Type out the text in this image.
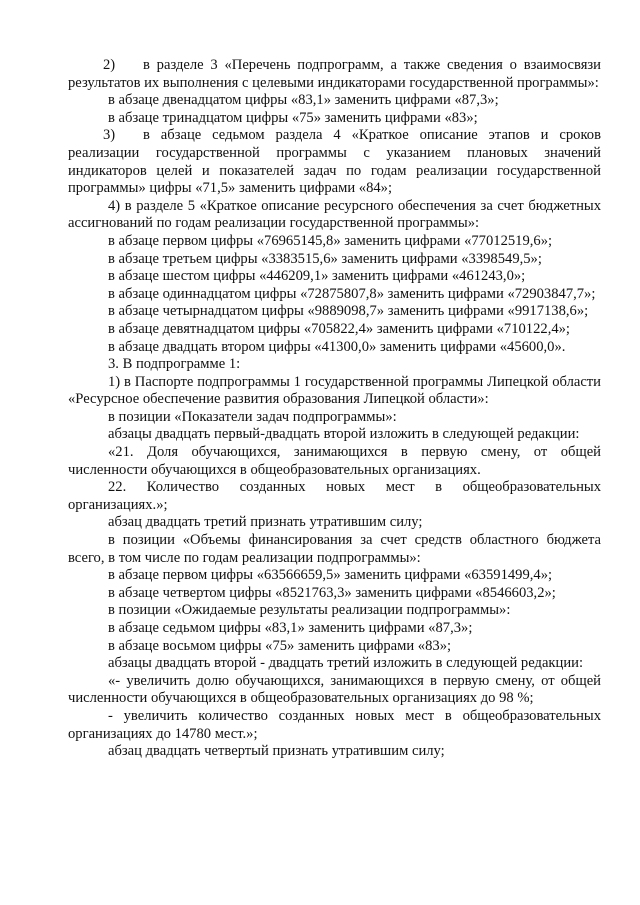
2) в разделе 3 «Перечень подпрограмм, а также сведения о взаимосвязи результатов их выполнения с целевыми индикаторами государственной программы»:

в абзаце двенадцатом цифры «83,1» заменить цифрами «87,3»;

в абзаце тринадцатом цифры «75» заменить цифрами «83»;

3) в абзаце седьмом раздела 4 «Краткое описание этапов и сроков реализации государственной программы с указанием плановых значений индикаторов целей и показателей задач по годам реализации государственной программы» цифры «71,5» заменить цифрами «84»;

4) в разделе 5 «Краткое описание ресурсного обеспечения за счет бюджетных ассигнований по годам реализации государственной программы»:

в абзаце первом цифры «76965145,8» заменить цифрами «77012519,6»;

в абзаце третьем цифры «3383515,6» заменить цифрами «3398549,5»;

в абзаце шестом цифры «446209,1» заменить цифрами «461243,0»;

в абзаце одиннадцатом цифры «72875807,8» заменить цифрами «72903847,7»;

в абзаце четырнадцатом цифры «9889098,7» заменить цифрами «9917138,6»;

в абзаце девятнадцатом цифры «705822,4» заменить цифрами «710122,4»;

в абзаце двадцать втором цифры «41300,0» заменить цифрами «45600,0».

3. В подпрограмме 1:

1) в Паспорте подпрограммы 1 государственной программы Липецкой области «Ресурсное обеспечение развития образования Липецкой области»:

в позиции «Показатели задач подпрограммы»:

абзацы двадцать первый-двадцать второй изложить в следующей редакции:

«21. Доля обучающихся, занимающихся в первую смену, от общей численности обучающихся в общеобразовательных организациях.

22. Количество созданных новых мест в общеобразовательных организациях.»;

абзац двадцать третий признать утратившим силу;

в позиции «Объемы финансирования за счет средств областного бюджета всего, в том числе по годам реализации подпрограммы»:

в абзаце первом цифры «63566659,5» заменить цифрами «63591499,4»;

в абзаце четвертом цифры «8521763,3» заменить цифрами «8546603,2»;

в позиции «Ожидаемые результаты реализации подпрограммы»:

в абзаце седьмом цифры «83,1» заменить цифрами «87,3»;

в абзаце восьмом цифры «75» заменить цифрами «83»;

абзацы двадцать второй - двадцать третий изложить в следующей редакции:

«- увеличить долю обучающихся, занимающихся в первую смену, от общей численности обучающихся в общеобразовательных организациях до 98 %;

- увеличить количество созданных новых мест в общеобразовательных организациях до 14780 мест.»;

абзац двадцать четвертый признать утратившим силу;
